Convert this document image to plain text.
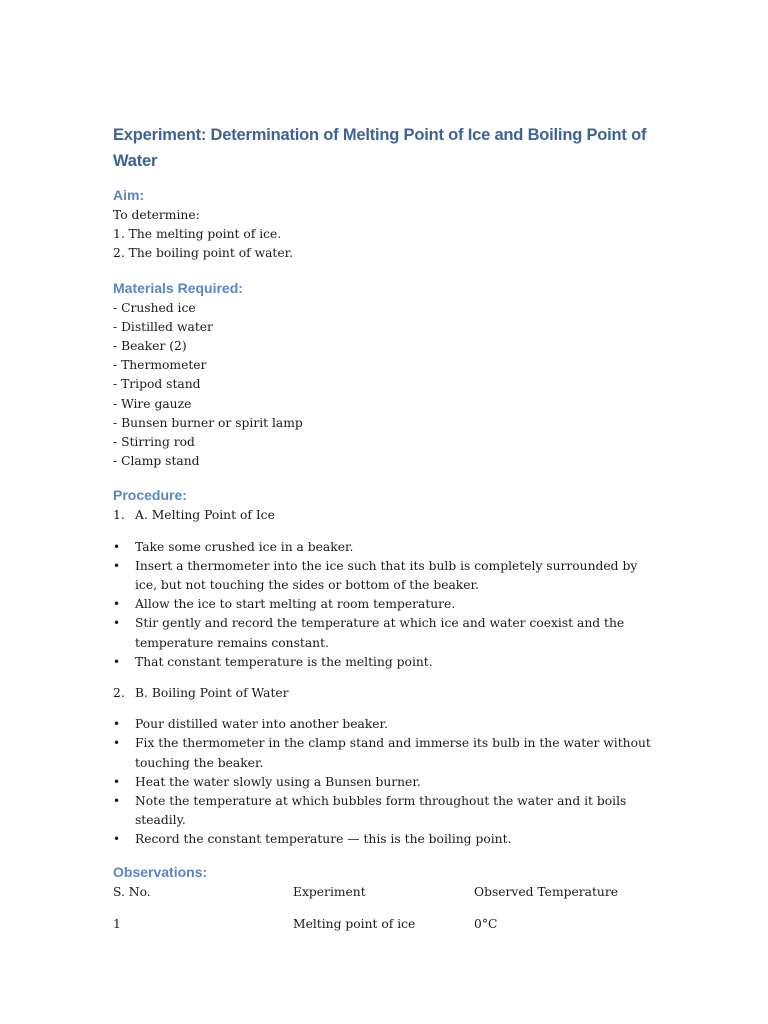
Experiment: Determination of Melting Point of Ice and Boiling Point of Water
Aim:
To determine:
1. The melting point of ice.
2. The boiling point of water.
Materials Required:
- Crushed ice
- Distilled water
- Beaker (2)
- Thermometer
- Tripod stand
- Wire gauze
- Bunsen burner or spirit lamp
- Stirring rod
- Clamp stand
Procedure:
1. A. Melting Point of Ice
•	Take some crushed ice in a beaker.
•	Insert a thermometer into the ice such that its bulb is completely surrounded by ice, but not touching the sides or bottom of the beaker.
•	Allow the ice to start melting at room temperature.
•	Stir gently and record the temperature at which ice and water coexist and the temperature remains constant.
•	That constant temperature is the melting point.
2. B. Boiling Point of Water
•	Pour distilled water into another beaker.
•	Fix the thermometer in the clamp stand and immerse its bulb in the water without touching the beaker.
•	Heat the water slowly using a Bunsen burner.
•	Note the temperature at which bubbles form throughout the water and it boils steadily.
•	Record the constant temperature — this is the boiling point.
Observations:
S. No.	Experiment	Observed Temperature
1	Melting point of ice	0°C
